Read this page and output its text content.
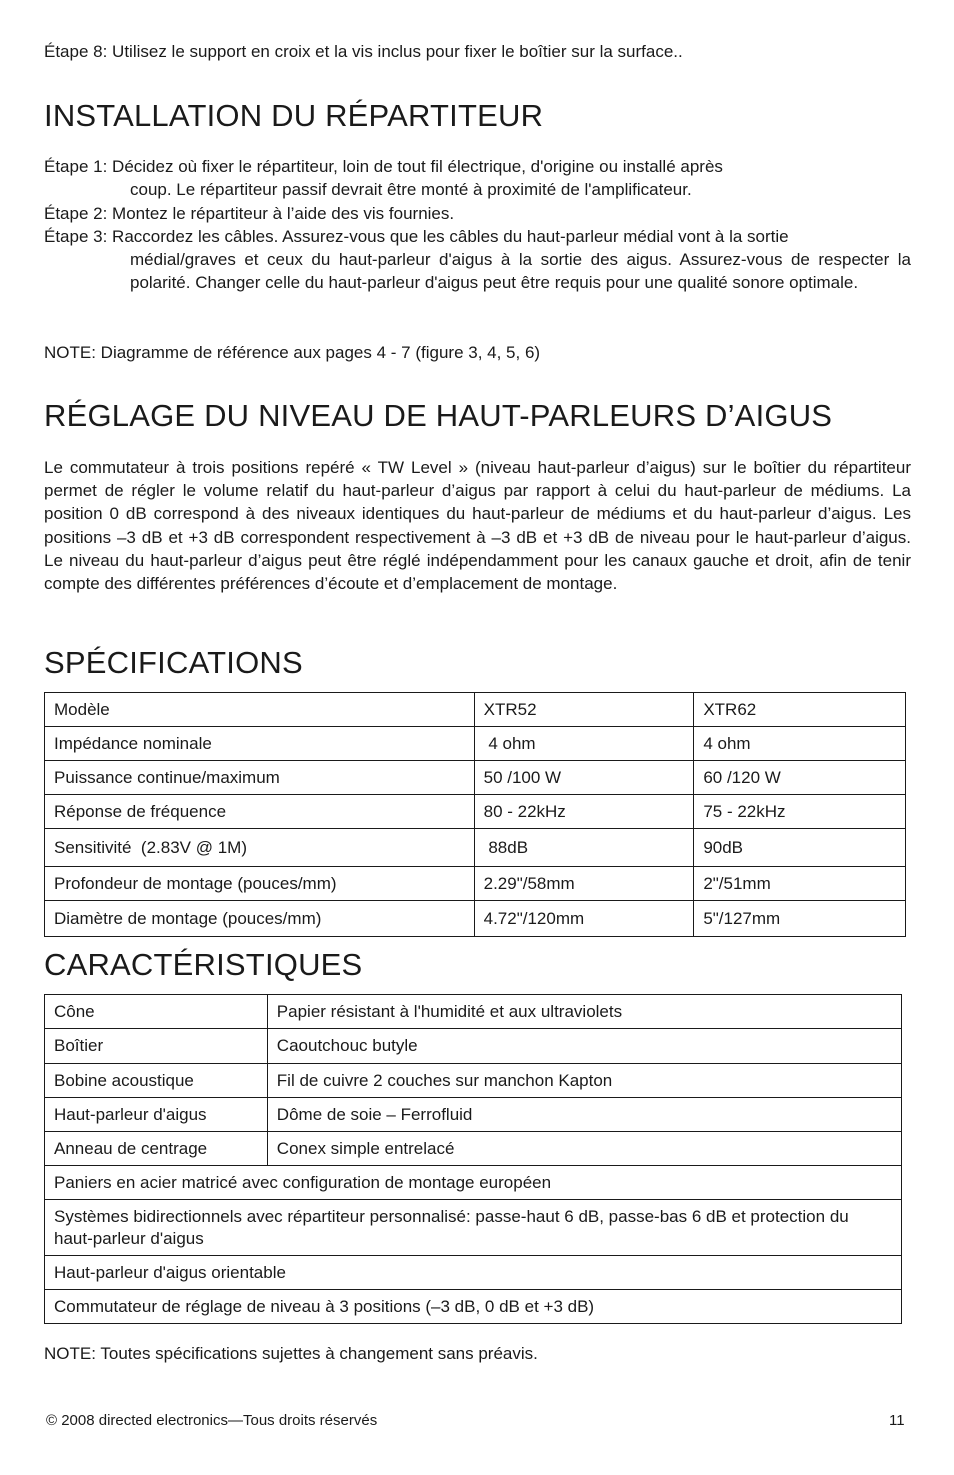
Étape 8: Utilisez le support en croix et la vis inclus pour fixer le boîtier sur la surface..

INSTALLATION DU RÉPARTITEUR
Étape 1: Décidez où fixer le répartiteur, loin de tout fil électrique, d'origine ou installé après
coup. Le répartiteur passif devrait être monté à proximité de l'amplificateur.
Étape 2: Montez le répartiteur à l’aide des vis fournies.
Étape 3: Raccordez les câbles. Assurez-vous que les câbles du haut-parleur médial vont à la sortie
médial/graves et ceux du haut-parleur d'aigus à la sortie des aigus. Assurez-vous de respecter la polarité. Changer celle du haut-parleur d'aigus peut être requis pour une qualité sonore optimale.

NOTE: Diagramme de référence aux pages 4 - 7 (figure 3, 4, 5, 6)

RÉGLAGE DU NIVEAU DE HAUT-PARLEURS D’AIGUS

Le commutateur à trois positions repéré « TW Level » (niveau haut-parleur d’aigus) sur le boîtier du répartiteur permet de régler le volume relatif du haut-parleur d’aigus par rapport à celui du haut-parleur de médiums. La position 0 dB correspond à des niveaux identiques du haut-parleur de médiums et du haut-parleur d’aigus. Les positions –3 dB et +3 dB correspondent respectivement à –3 dB et +3 dB de niveau pour le haut-parleur d’aigus. Le niveau du haut-parleur d’aigus peut être réglé indépendamment pour les canaux gauche et droit, afin de tenir compte des différentes préférences d’écoute et d’emplacement de montage.

SPÉCIFICATIONS
Modèle	XTR52	XTR62
Impédance nominale	4 ohm	4 ohm
Puissance continue/maximum	50 /100 W	60 /120 W
Réponse de fréquence	80 - 22kHz	75 - 22kHz
Sensitivité  (2.83V @ 1M)	88dB	90dB
Profondeur de montage (pouces/mm)	2.29"/58mm	2"/51mm
Diamètre de montage (pouces/mm)	4.72"/120mm	5"/127mm
CARACTÉRISTIQUES
Cône	Papier résistant à l'humidité et aux ultraviolets
Boîtier	Caoutchouc butyle
Bobine acoustique	Fil de cuivre 2 couches sur manchon Kapton
Haut-parleur d'aigus	Dôme de soie – Ferrofluid
Anneau de centrage	Conex simple entrelacé
Paniers en acier matricé avec configuration de montage européen	
Systèmes bidirectionnels avec répartiteur personnalisé: passe-haut 6 dB, passe-bas 6 dB et protection du haut-parleur d'aigus	
Haut-parleur d'aigus orientable	
Commutateur de réglage de niveau à 3 positions (–3 dB, 0 dB et +3 dB)	

NOTE: Toutes spécifications sujettes à changement sans préavis.

© 2008 directed electronics—Tous droits réservés	11
